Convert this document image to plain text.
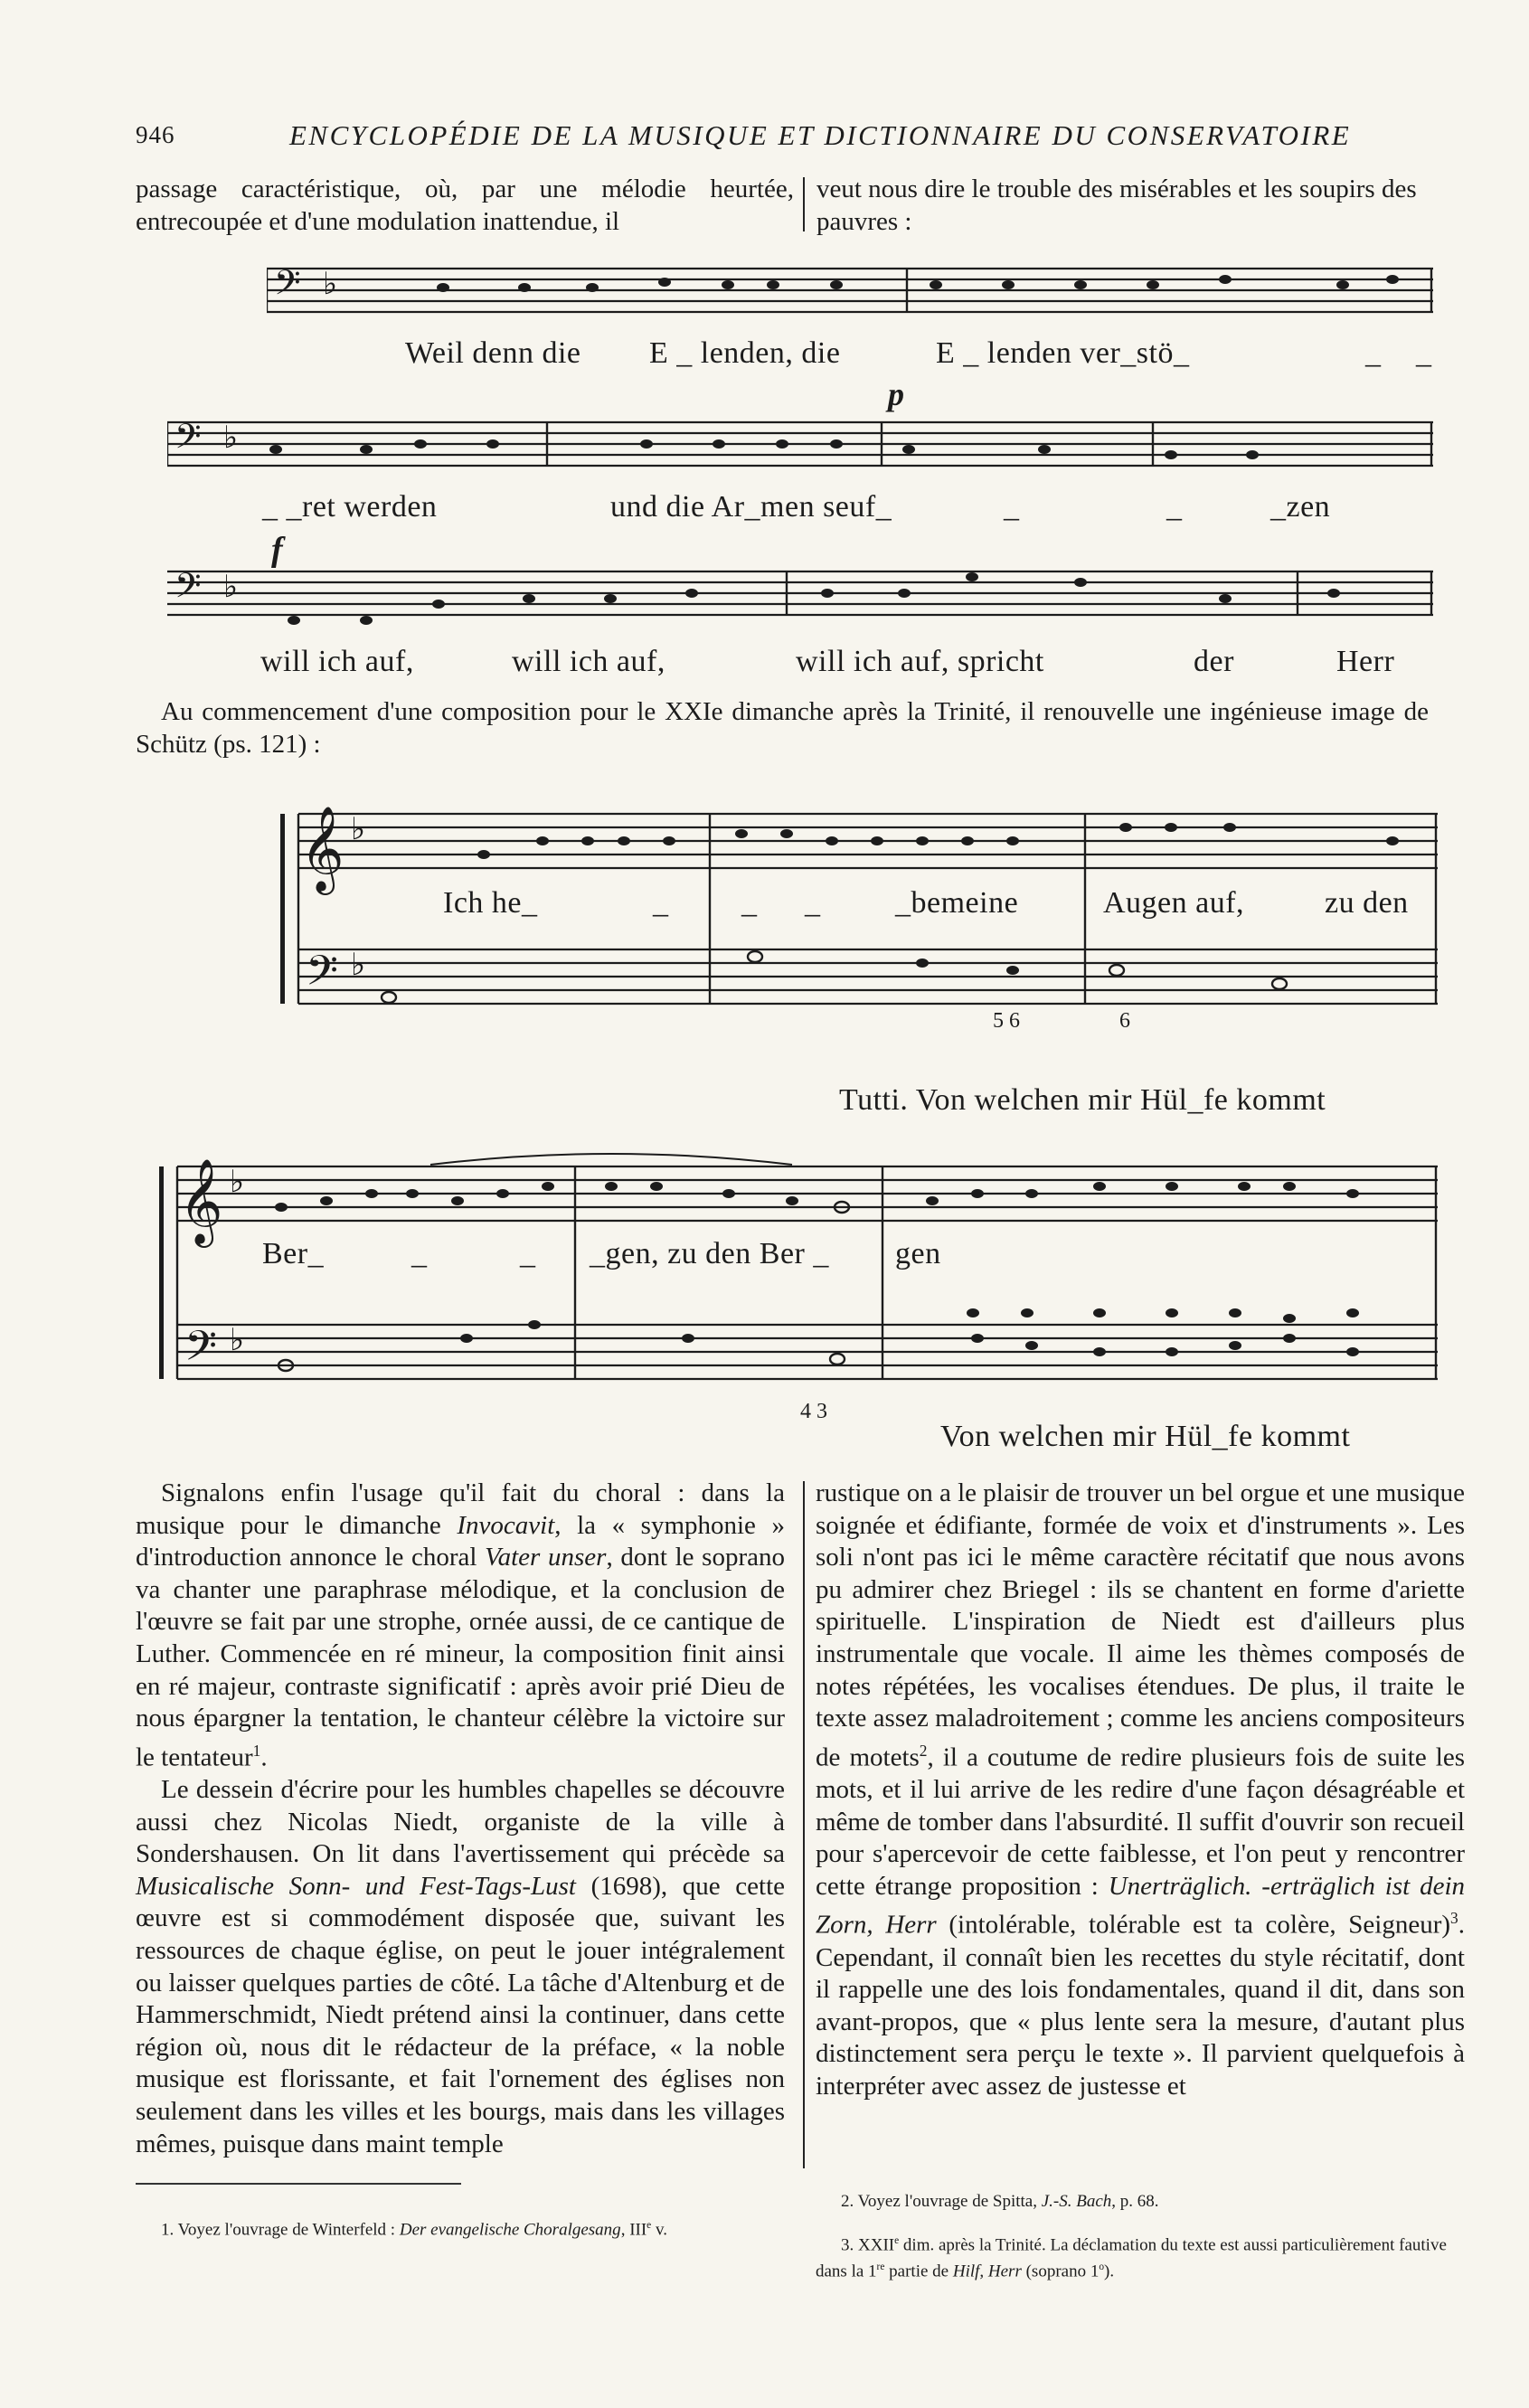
946	ENCYCLOPÉDIE DE LA MUSIQUE ET DICTIONNAIRE DU CONSERVATOIRE

passage caractéristique, où, par une mélodie heurtée, entrecoupée et d'une modulation inattendue, il

veut nous dire le trouble des misérables et les soupirs des pauvres :

𝄢 ♭
Weil denn die E _ lenden, die	E _ lenden ver_stö_	_ _
p
𝄢 ♭
_ _ret werden	und die Ar_men seuf_	_	_	_zen
f
𝄢 ♭
will ich auf,	will ich auf,	will ich auf, spricht	der	Herr

Au commencement d'une composition pour le XXIe dimanche après la Trinité, il renouvelle une ingénieuse image de Schütz (ps. 121) :

𝄞 ♭
𝄢 ♭
Ich he_	_ _ _ _bemeine	Augen auf,	zu den
5 6	6
Tutti. Von welchen mir Hül_fe kommt
𝄞 ♭
𝄢 ♭
Ber_	_	_ _gen, zu den Ber _ gen
4 3
Von welchen mir Hül_fe kommt

Signalons enfin l'usage qu'il fait du choral : dans la musique pour le dimanche Invocavit, la « symphonie » d'introduction annonce le choral Vater unser, dont le soprano va chanter une paraphrase mélodique, et la conclusion de l'œuvre se fait par une strophe, ornée aussi, de ce cantique de Luther. Commencée en ré mineur, la composition finit ainsi en ré majeur, contraste significatif : après avoir prié Dieu de nous épargner la tentation, le chanteur célèbre la victoire sur le tentateur$^1$.

Le dessein d'écrire pour les humbles chapelles se découvre aussi chez Nicolas Niedt, organiste de la ville à Sondershausen. On lit dans l'avertissement qui précède sa Musicalische Sonn- und Fest-Tags-Lust (1698), que cette œuvre est si commodément disposée que, suivant les ressources de chaque église, on peut le jouer intégralement ou laisser quelques parties de côté. La tâche d'Altenburg et de Hammerschmidt, Niedt prétend ainsi la continuer, dans cette région où, nous dit le rédacteur de la préface, « la noble musique est florissante, et fait l'ornement des églises non seulement dans les villes et les bourgs, mais dans les villages mêmes, puisque dans maint temple

rustique on a le plaisir de trouver un bel orgue et une musique soignée et édifiante, formée de voix et d'instruments ». Les soli n'ont pas ici le même caractère récitatif que nous avons pu admirer chez Briegel : ils se chantent en forme d'ariette spirituelle. L'inspiration de Niedt est d'ailleurs plus instrumentale que vocale. Il aime les thèmes composés de notes répétées, les vocalises étendues. De plus, il traite le texte assez maladroitement ; comme les anciens compositeurs de motets$^2$, il a coutume de redire plusieurs fois de suite les mots, et il lui arrive de les redire d'une façon désagréable et même de tomber dans l'absurdité. Il suffit d'ouvrir son recueil pour s'apercevoir de cette faiblesse, et l'on peut y rencontrer cette étrange proposition : Unerträglich. -erträglich ist dein Zorn, Herr (intolérable, tolérable est ta colère, Seigneur)$^3$. Cependant, il connaît bien les recettes du style récitatif, dont il rappelle une des lois fondamentales, quand il dit, dans son avant-propos, que « plus lente sera la mesure, d'autant plus distinctement sera perçu le texte ». Il parvient quelquefois à interpréter avec assez de justesse et

1. Voyez l'ouvrage de Winterfeld : Der evangelische Choralgesang, IIIe v.

2. Voyez l'ouvrage de Spitta, J.-S. Bach, p. 68.

3. XXIIe dim. après la Trinité. La déclamation du texte est aussi particulièrement fautive dans la 1re partie de Hilf, Herr (soprano 1$^o$).
